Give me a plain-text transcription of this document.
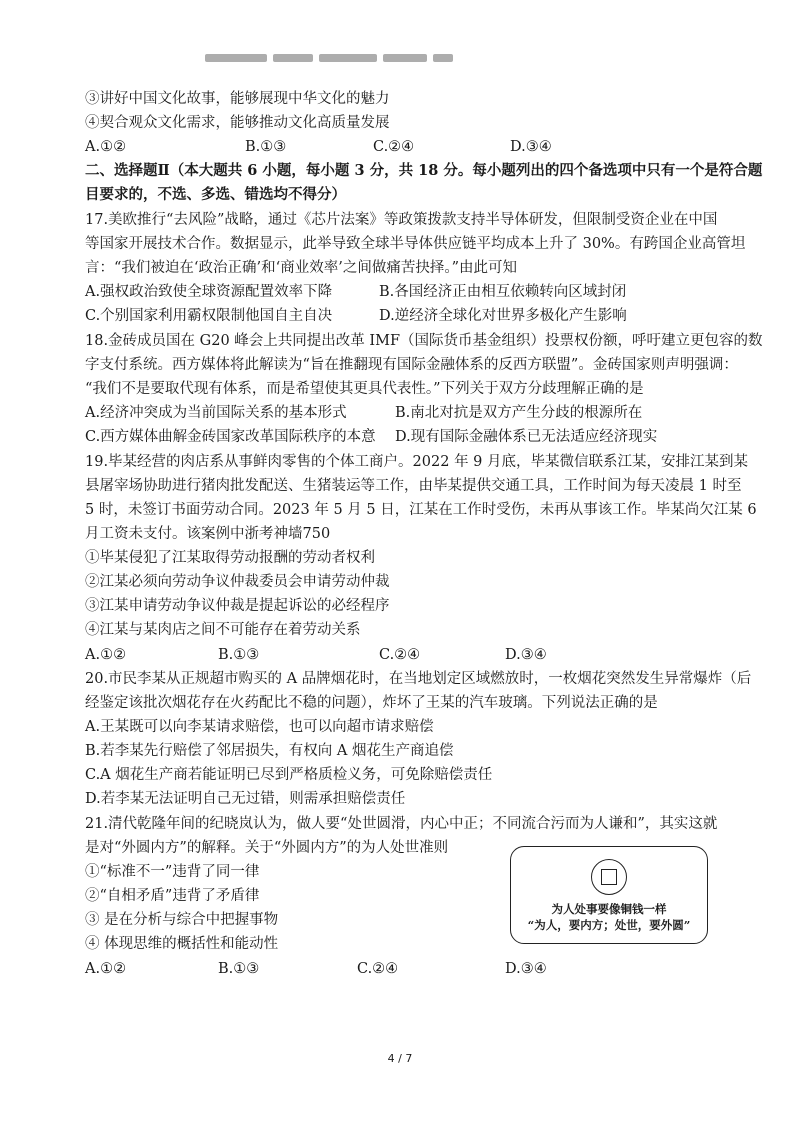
③讲好中国文化故事，能够展现中华文化的魅力
④契合观众文化需求，能够推动文化高质量发展
A.①②	B.①③	C.②④	D.③④
二、选择题Ⅱ（本大题共 6 小题，每小题 3 分，共 18 分。每小题列出的四个备选项中只有一个是符合题
目要求的，不选、多选、错选均不得分）
17.美欧推行“去风险”战略，通过《芯片法案》等政策拨款支持半导体研发，但限制受资企业在中国
等国家开展技术合作。数据显示，此举导致全球半导体供应链平均成本上升了 30%。有跨国企业高管坦
言：“我们被迫在‘政治正确’和‘商业效率’之间做痛苦抉择。”由此可知
A.强权政治致使全球资源配置效率下降	B.各国经济正由相互依赖转向区域封闭
C.个别国家利用霸权限制他国自主自决	D.逆经济全球化对世界多极化产生影响
18.金砖成员国在 G20 峰会上共同提出改革 IMF（国际货币基金组织）投票权份额，呼吁建立更包容的数
字支付系统。西方媒体将此解读为“旨在推翻现有国际金融体系的反西方联盟”。金砖国家则声明强调：
“我们不是要取代现有体系，而是希望使其更具代表性。”下列关于双方分歧理解正确的是
A.经济冲突成为当前国际关系的基本形式	B.南北对抗是双方产生分歧的根源所在
C.西方媒体曲解金砖国家改革国际秩序的本意 D.现有国际金融体系已无法适应经济现实
19.毕某经营的肉店系从事鲜肉零售的个体工商户。2022 年 9 月底，毕某微信联系江某，安排江某到某
县屠宰场协助进行猪肉批发配送、生猪装运等工作，由毕某提供交通工具，工作时间为每天凌晨 1 时至
5 时，未签订书面劳动合同。2023 年 5 月 5 日，江某在工作时受伤，未再从事该工作。毕某尚欠江某 6
月工资未支付。该案例中浙考神墙750
①毕某侵犯了江某取得劳动报酬的劳动者权利
②江某必须向劳动争议仲裁委员会申请劳动仲裁
③江某申请劳动争议仲裁是提起诉讼的必经程序
④江某与某肉店之间不可能存在着劳动关系
A.①②	B.①③	C.②④	D.③④
20.市民李某从正规超市购买的 A 品牌烟花时，在当地划定区域燃放时，一枚烟花突然发生异常爆炸（后
经鉴定该批次烟花存在火药配比不稳的问题），炸坏了王某的汽车玻璃。下列说法正确的是
A.王某既可以向李某请求赔偿，也可以向超市请求赔偿
B.若李某先行赔偿了邻居损失，有权向 A 烟花生产商追偿
C.A 烟花生产商若能证明已尽到严格质检义务，可免除赔偿责任
D.若李某无法证明自己无过错，则需承担赔偿责任
21.清代乾隆年间的纪晓岚认为，做人要“处世圆滑，内心中正；不同流合污而为人谦和”，其实这就
是对“外圆内方”的解释。关于“外圆内方”的为人处世准则
①“标准不一”违背了同一律
②“自相矛盾”违背了矛盾律
③ 是在分析与综合中把握事物
④ 体现思维的概括性和能动性
A.①②	B.①③	C.②④	D.③④
为人处事要像铜钱一样
“为人，要内方；处世，要外圆”
4 / 7
